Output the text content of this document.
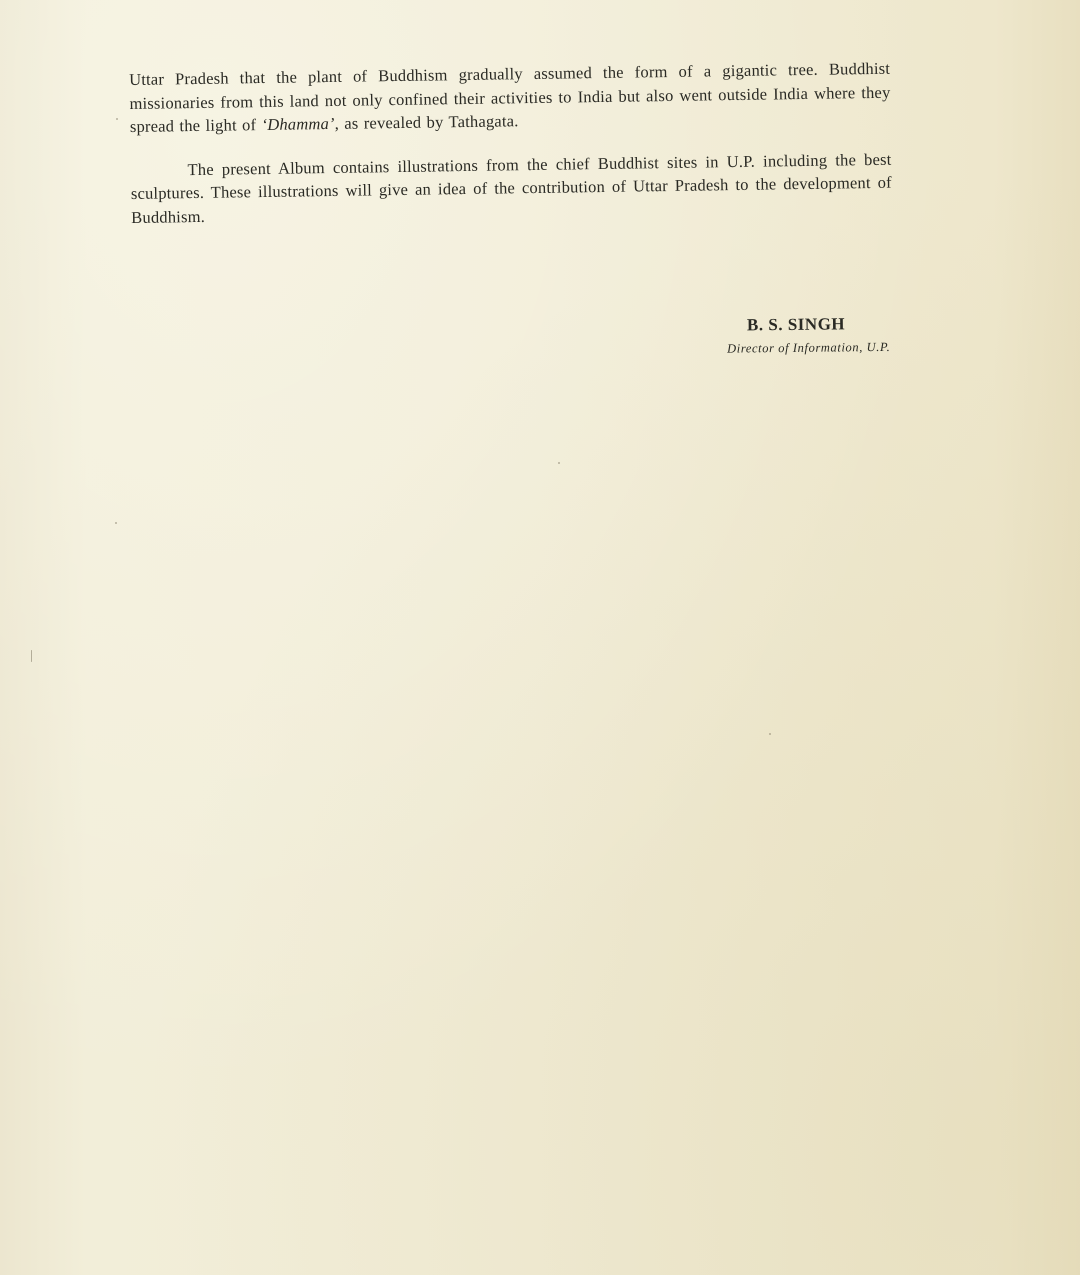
Uttar Pradesh that the plant of Buddhism gradually assumed the form of a gigantic tree. Buddhist missionaries from this land not only confined their activities to India but also went outside India where they spread the light of ‘Dhamma’, as revealed by Tathagata.

The present Album contains illustrations from the chief Buddhist sites in U.P. including the best sculptures. These illustrations will give an idea of the contribution of Uttar Pradesh to the development of Buddhism.

B. S. SINGH

Director of Information, U.P.
